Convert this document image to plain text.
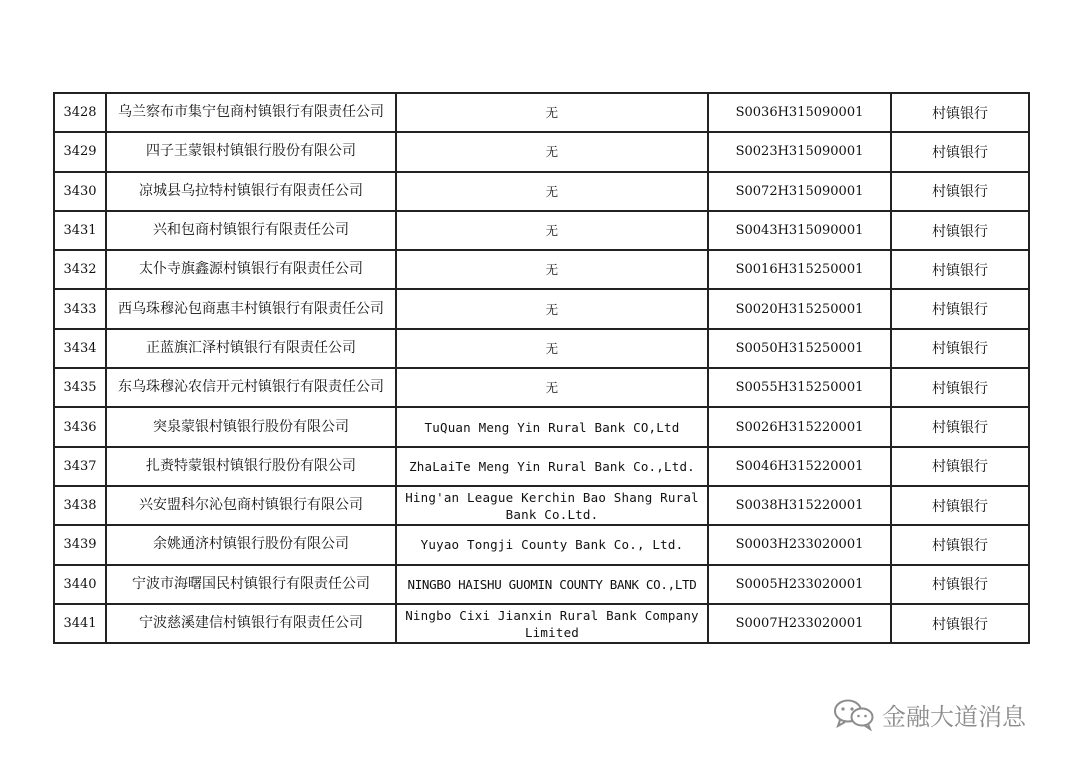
3428	乌兰察布市集宁包商村镇银行有限责任公司	无	S0036H315090001	村镇银行
3429	四子王蒙银村镇银行股份有限公司	无	S0023H315090001	村镇银行
3430	凉城县乌拉特村镇银行有限责任公司	无	S0072H315090001	村镇银行
3431	兴和包商村镇银行有限责任公司	无	S0043H315090001	村镇银行
3432	太仆寺旗鑫源村镇银行有限责任公司	无	S0016H315250001	村镇银行
3433	西乌珠穆沁包商惠丰村镇银行有限责任公司	无	S0020H315250001	村镇银行
3434	正蓝旗汇泽村镇银行有限责任公司	无	S0050H315250001	村镇银行
3435	东乌珠穆沁农信开元村镇银行有限责任公司	无	S0055H315250001	村镇银行
3436	突泉蒙银村镇银行股份有限公司	TuQuan Meng Yin Rural Bank CO,Ltd	S0026H315220001	村镇银行
3437	扎赉特蒙银村镇银行股份有限公司	ZhaLaiTe Meng Yin Rural Bank Co.,Ltd.	S0046H315220001	村镇银行
3438	兴安盟科尔沁包商村镇银行有限公司	Hing'an League Kerchin Bao Shang Rural Bank Co.Ltd.	S0038H315220001	村镇银行
3439	余姚通济村镇银行股份有限公司	Yuyao Tongji County Bank Co., Ltd.	S0003H233020001	村镇银行
3440	宁波市海曙国民村镇银行有限责任公司	NINGBO HAISHU GUOMIN COUNTY BANK CO.,LTD	S0005H233020001	村镇银行
3441	宁波慈溪建信村镇银行有限责任公司	Ningbo Cixi Jianxin Rural Bank Company Limited	S0007H233020001	村镇银行
金融大道消息
